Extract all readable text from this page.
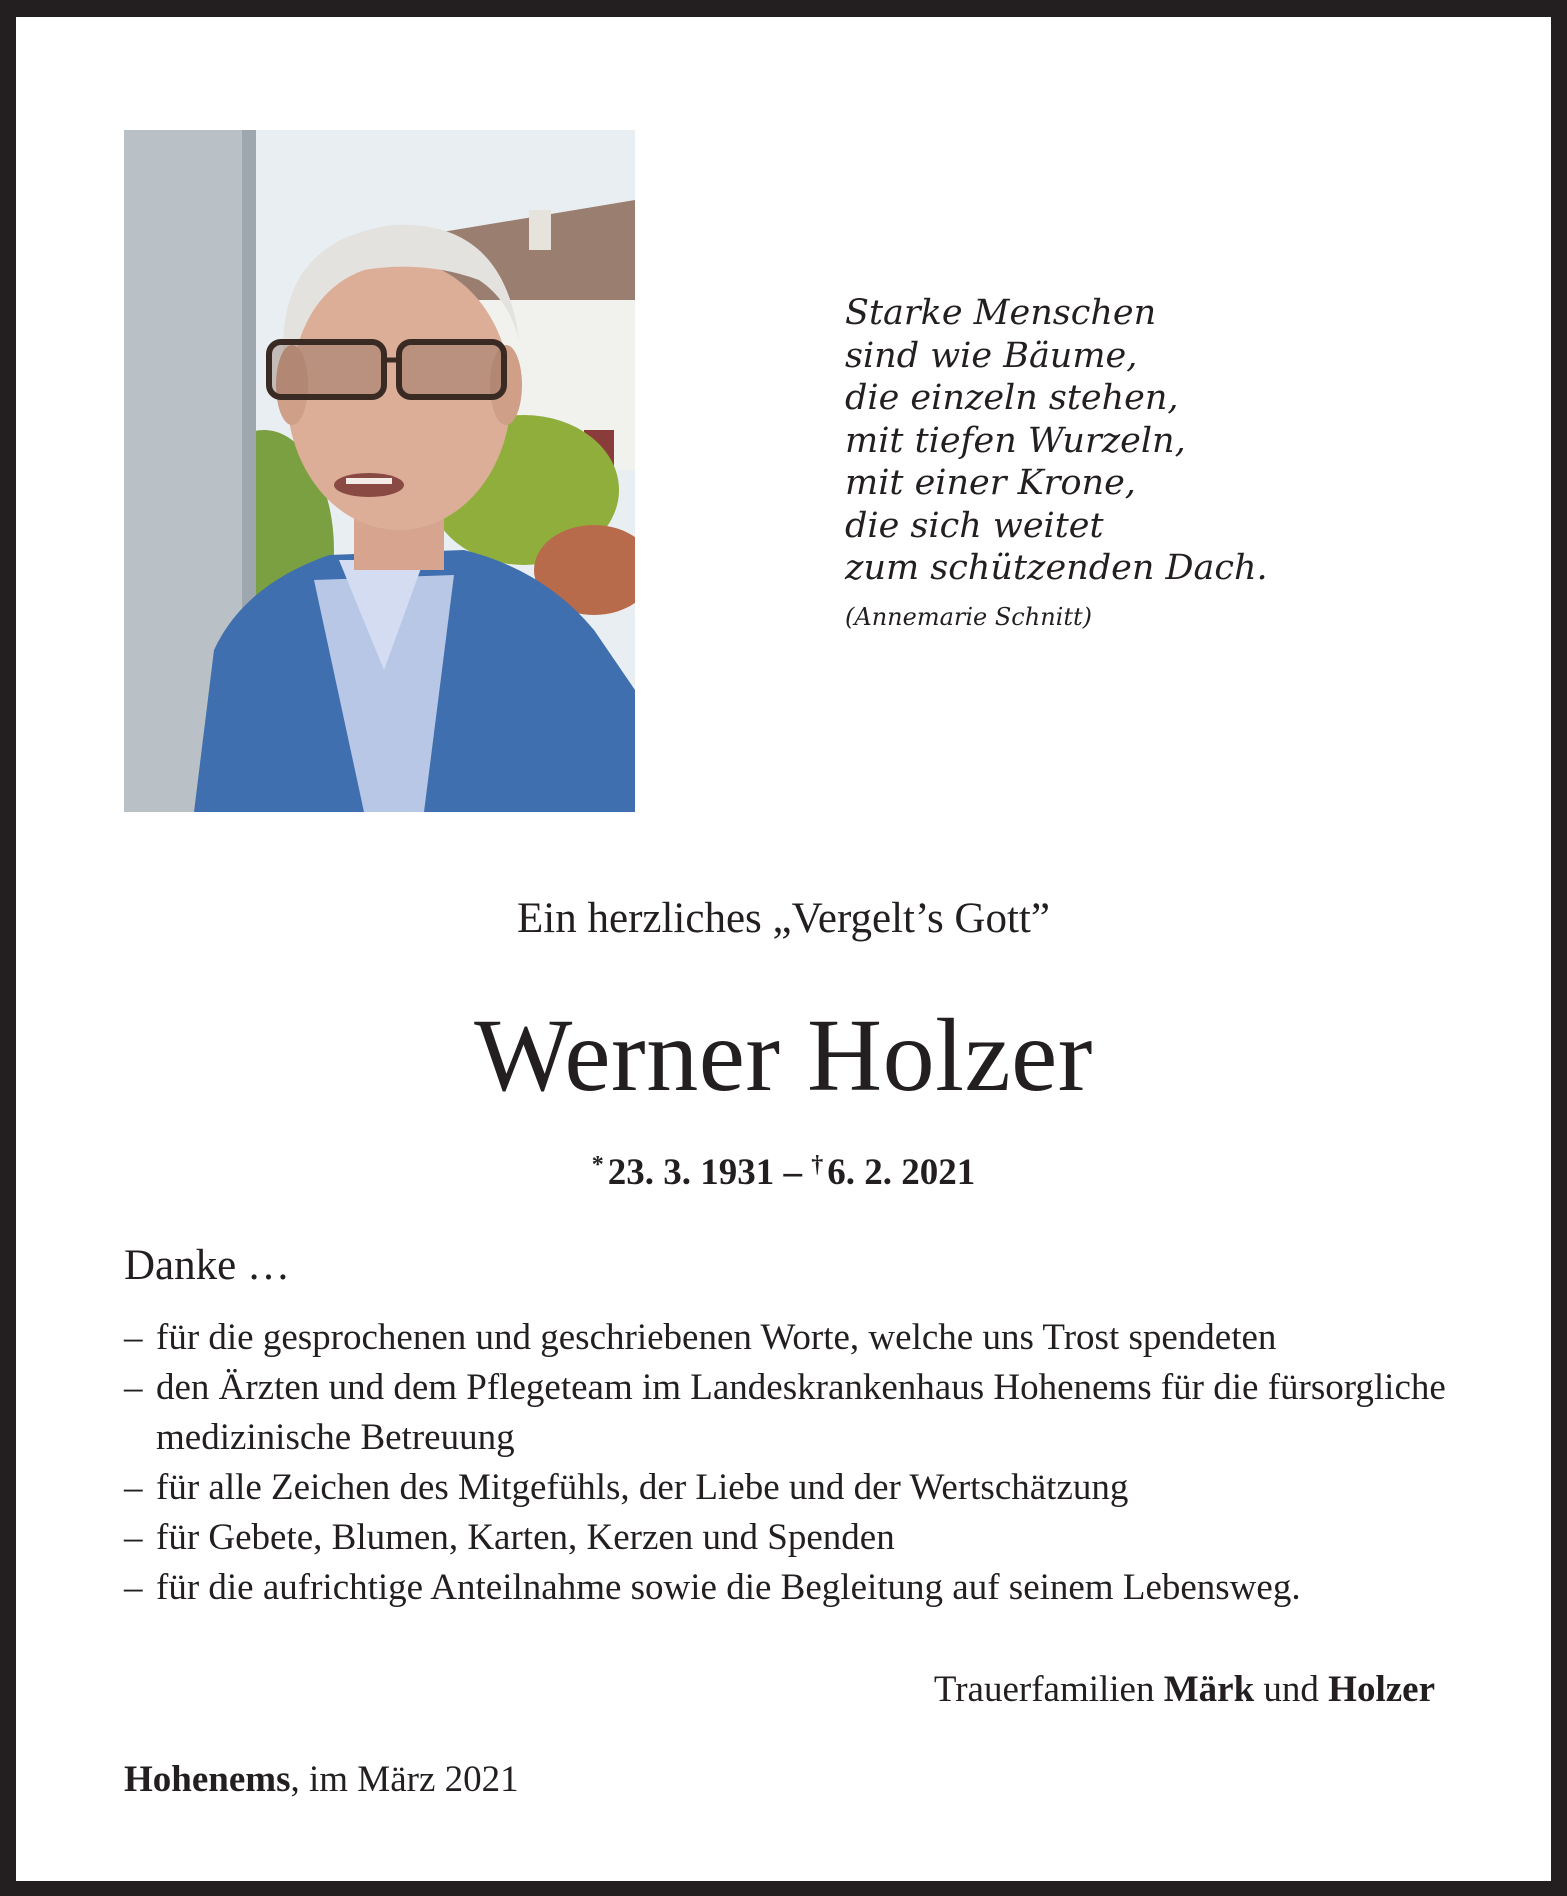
Starke Menschen
sind wie Bäume,
die einzeln stehen,
mit tiefen Wurzeln,
mit einer Krone,
die sich weitet
zum schützenden Dach.
(Annemarie Schnitt)
Ein herzliches „Vergelt’s Gott”
Werner Holzer
* 23. 3. 1931 – † 6. 2. 2021
Danke …
– für die gesprochenen und geschriebenen Worte, welche uns Trost spendeten
– den Ärzten und dem Pflegeteam im Landeskrankenhaus Hohenems für die fürsorgliche medizinische Betreuung
– für alle Zeichen des Mitgefühls, der Liebe und der Wertschätzung
– für Gebete, Blumen, Karten, Kerzen und Spenden
– für die aufrichtige Anteilnahme sowie die Begleitung auf seinem Lebensweg.
Trauerfamilien Märk und Holzer
Hohenems, im März 2021
